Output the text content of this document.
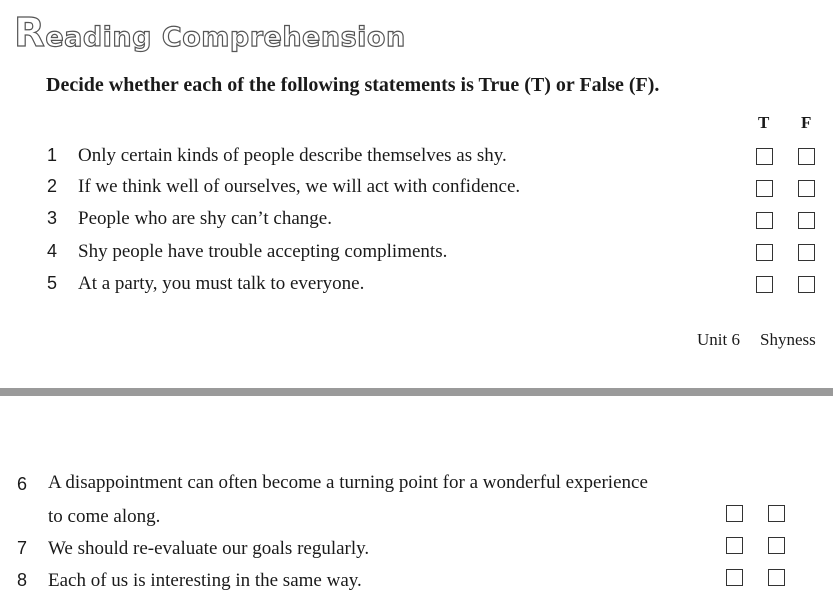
Reading Comprehension
Decide whether each of the following statements is True (T) or False (F).
T F
1 Only certain kinds of people describe themselves as shy.
2 If we think well of ourselves, we will act with confidence.
3 People who are shy can’t change.
4 Shy people have trouble accepting compliments.
5 At a party, you must talk to everyone.
Unit 6 Shyness
6 A disappointment can often become a turning point for a wonderful experience
to come along.
7 We should re-evaluate our goals regularly.
8 Each of us is interesting in the same way.
